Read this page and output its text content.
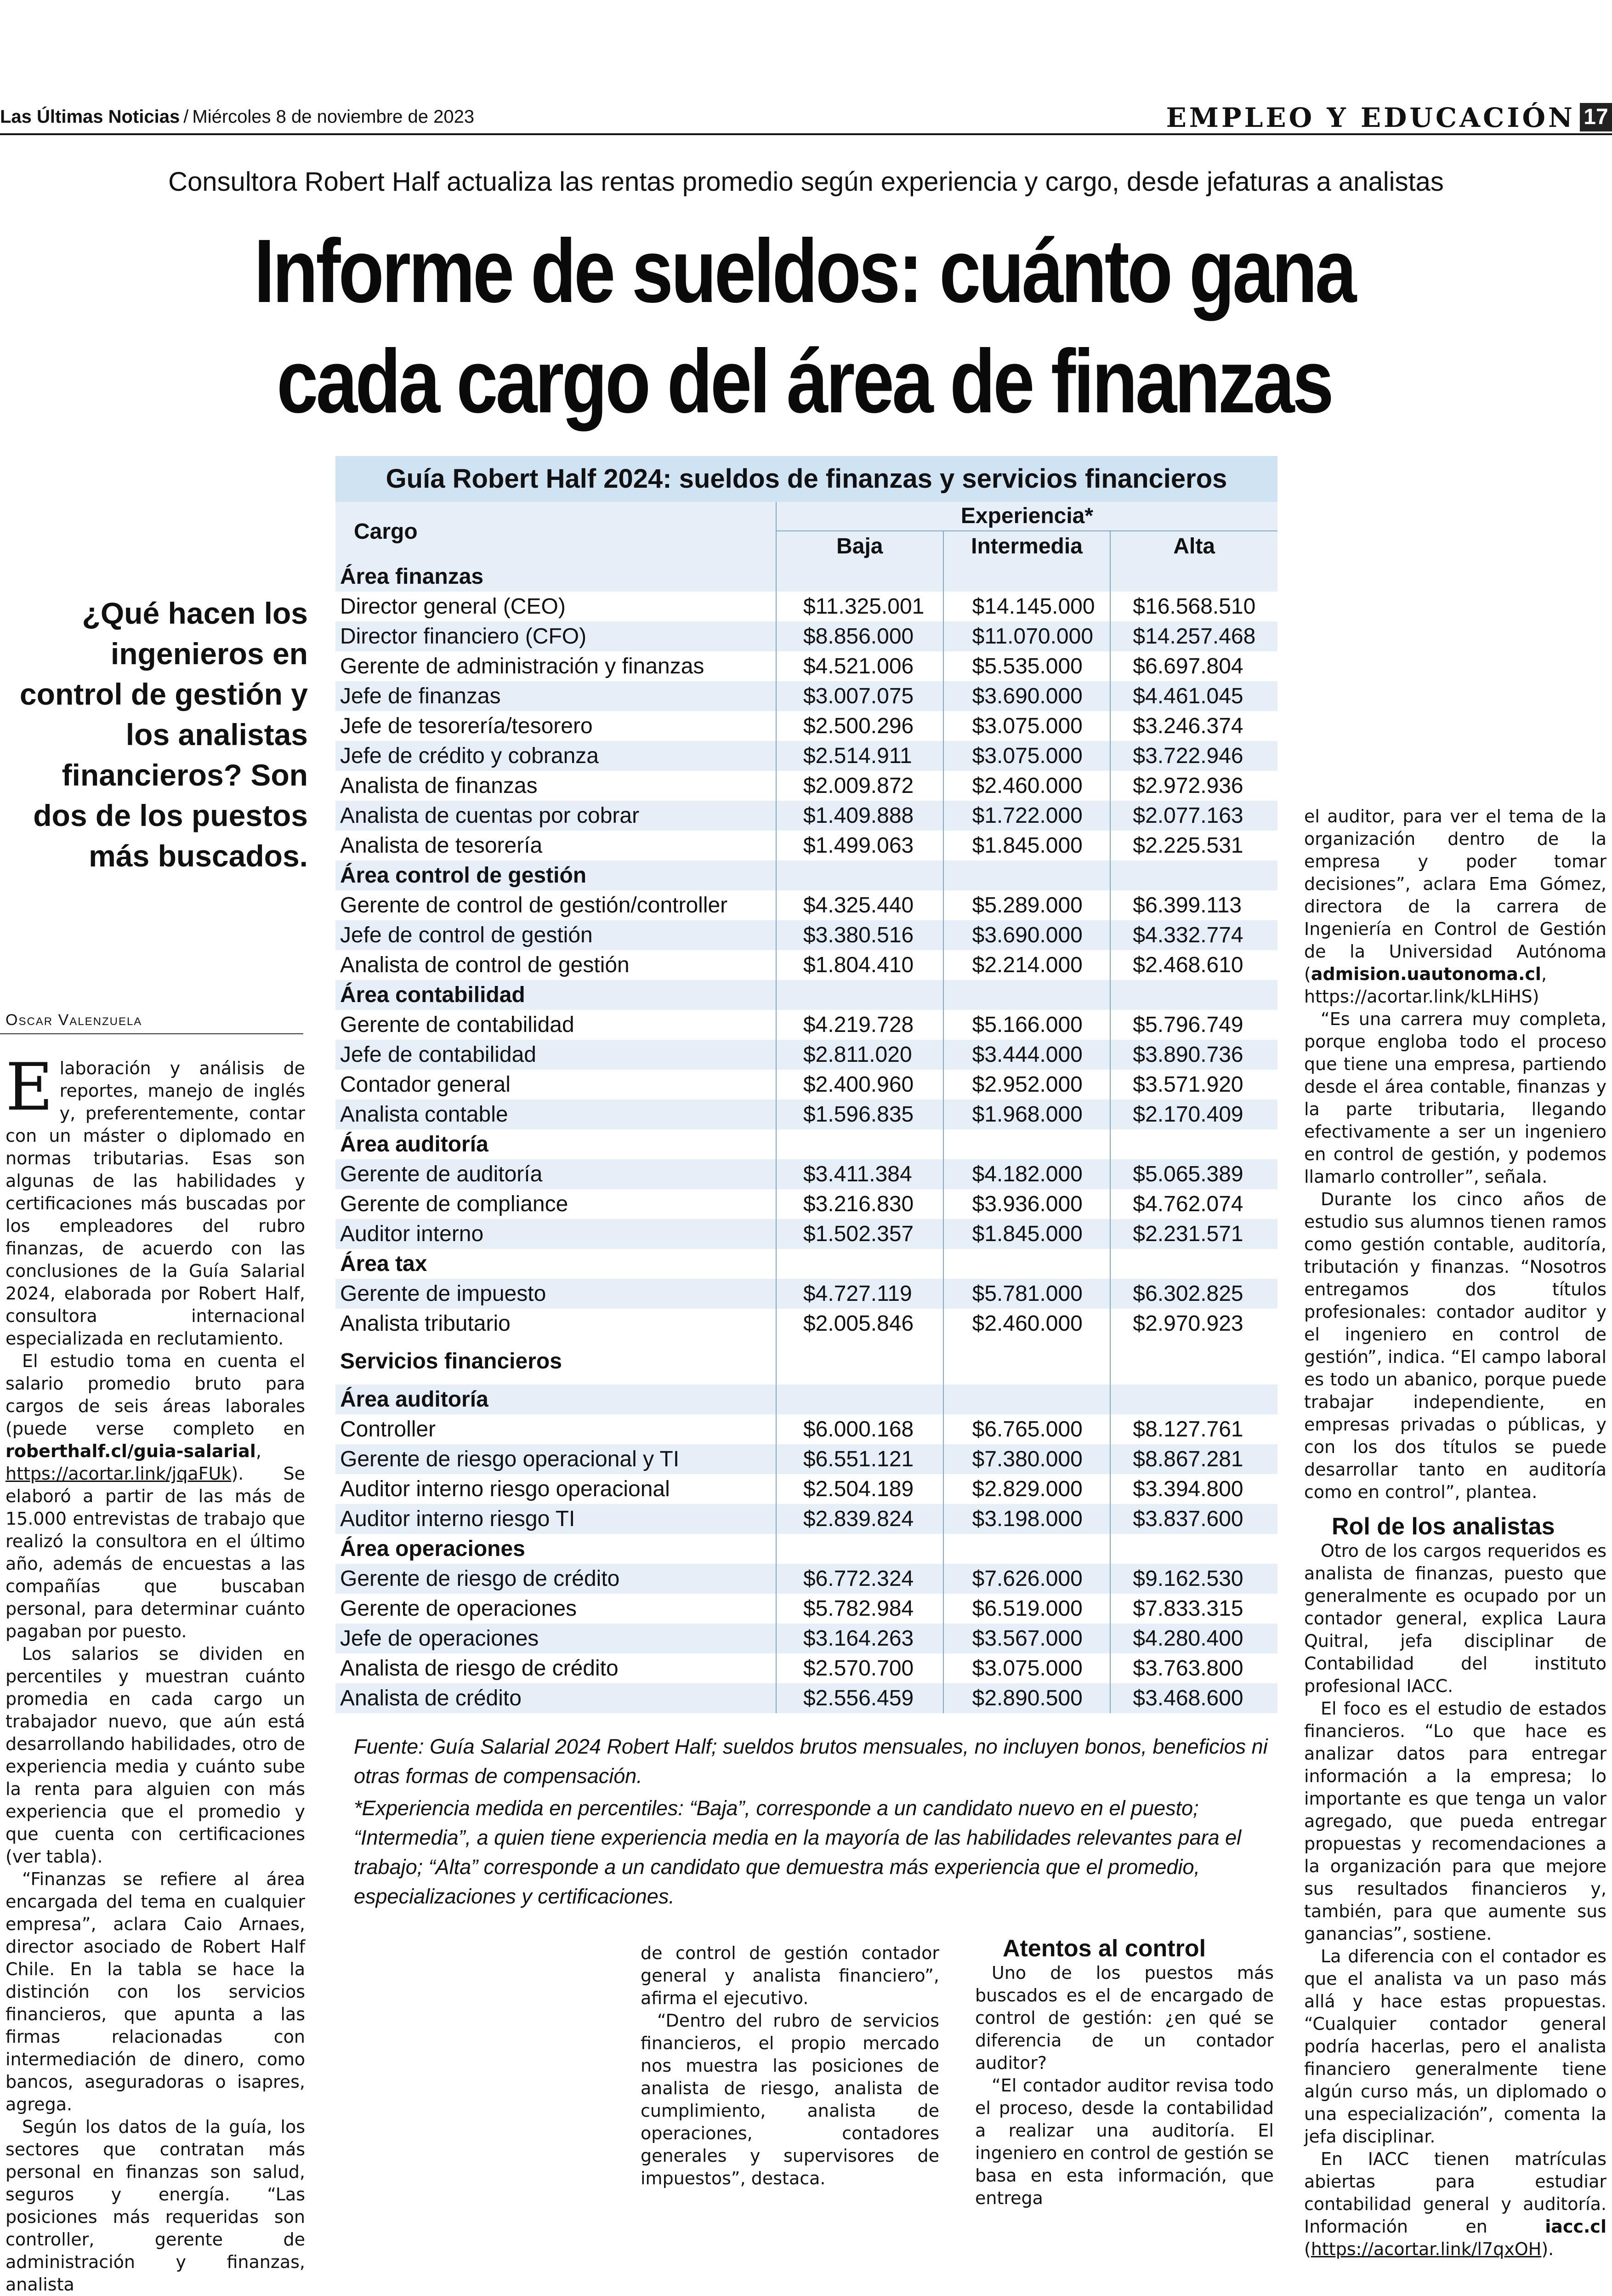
Las Últimas Noticias / Miércoles 8 de noviembre de 2023	EMPLEO Y EDUCACIÓN 17
Consultora Robert Half actualiza las rentas promedio según experiencia y cargo, desde jefaturas a analistas
Informe de sueldos: cuánto gana
cada cargo del área de finanzas
¿Qué hacen los ingenieros en control de gestión y los analistas financieros? Son dos de los puestos más buscados.
Oscar Valenzuela

Elaboración y análisis de reportes, manejo de inglés y, preferentemente, contar con un máster o diplomado en normas tributarias. Esas son algunas de las habilidades y certificaciones más buscadas por los empleadores del rubro finanzas, de acuerdo con las conclusiones de la Guía Salarial 2024, elaborada por Robert Half, consultora internacional especializada en reclutamiento.

El estudio toma en cuenta el salario promedio bruto para cargos de seis áreas laborales (puede verse completo en roberthalf.cl/guia-salarial, https://acortar.link/jqaFUk). Se elaboró a partir de las más de 15.000 entrevistas de trabajo que realizó la consultora en el último año, además de encuestas a las compañías que buscaban personal, para determinar cuánto pagaban por puesto.

Los salarios se dividen en percentiles y muestran cuánto promedia en cada cargo un trabajador nuevo, que aún está desarrollando habilidades, otro de experiencia media y cuánto sube la renta para alguien con más experiencia que el promedio y que cuenta con certificaciones (ver tabla).

“Finanzas se refiere al área encargada del tema en cualquier empresa”, aclara Caio Arnaes, director asociado de Robert Half Chile. En la tabla se hace la distinción con los servicios financieros, que apunta a las firmas relacionadas con intermediación de dinero, como bancos, aseguradoras o isapres, agrega.

Según los datos de la guía, los sectores que contratan más personal en finanzas son salud, seguros y energía. “Las posiciones más requeridas son controller, gerente de administración y finanzas, analista

Guía Robert Half 2024: sueldos de finanzas y servicios financieros
Cargo	Experiencia*		
	Baja	Intermedia	Alta
Área finanzas			
Director general (CEO)	$11.325.001	$14.145.000	$16.568.510
Director financiero (CFO)	$8.856.000	$11.070.000	$14.257.468
Gerente de administración y finanzas	$4.521.006	$5.535.000	$6.697.804
Jefe de finanzas	$3.007.075	$3.690.000	$4.461.045
Jefe de tesorería/tesorero	$2.500.296	$3.075.000	$3.246.374
Jefe de crédito y cobranza	$2.514.911	$3.075.000	$3.722.946
Analista de finanzas	$2.009.872	$2.460.000	$2.972.936
Analista de cuentas por cobrar	$1.409.888	$1.722.000	$2.077.163
Analista de tesorería	$1.499.063	$1.845.000	$2.225.531
Área control de gestión			
Gerente de control de gestión/controller	$4.325.440	$5.289.000	$6.399.113
Jefe de control de gestión	$3.380.516	$3.690.000	$4.332.774
Analista de control de gestión	$1.804.410	$2.214.000	$2.468.610
Área contabilidad			
Gerente de contabilidad	$4.219.728	$5.166.000	$5.796.749
Jefe de contabilidad	$2.811.020	$3.444.000	$3.890.736
Contador general	$2.400.960	$2.952.000	$3.571.920
Analista contable	$1.596.835	$1.968.000	$2.170.409
Área auditoría			
Gerente de auditoría	$3.411.384	$4.182.000	$5.065.389
Gerente de compliance	$3.216.830	$3.936.000	$4.762.074
Auditor interno	$1.502.357	$1.845.000	$2.231.571
Área tax			
Gerente de impuesto	$4.727.119	$5.781.000	$6.302.825
Analista tributario	$2.005.846	$2.460.000	$2.970.923
Servicios financieros			
Área auditoría			
Controller	$6.000.168	$6.765.000	$8.127.761
Gerente de riesgo operacional y TI	$6.551.121	$7.380.000	$8.867.281
Auditor interno riesgo operacional	$2.504.189	$2.829.000	$3.394.800
Auditor interno riesgo TI	$2.839.824	$3.198.000	$3.837.600
Área operaciones			
Gerente de riesgo de crédito	$6.772.324	$7.626.000	$9.162.530
Gerente de operaciones	$5.782.984	$6.519.000	$7.833.315
Jefe de operaciones	$3.164.263	$3.567.000	$4.280.400
Analista de riesgo de crédito	$2.570.700	$3.075.000	$3.763.800
Analista de crédito	$2.556.459	$2.890.500	$3.468.600

Fuente: Guía Salarial 2024 Robert Half; sueldos brutos mensuales, no incluyen bonos, beneficios ni otras formas de compensación.

*Experiencia medida en percentiles: “Baja”, corresponde a un candidato nuevo en el puesto; “Intermedia”, a quien tiene experiencia media en la mayoría de las habilidades relevantes para el trabajo; “Alta” corresponde a un candidato que demuestra más experiencia que el promedio, especializaciones y certificaciones.

de control de gestión contador general y analista financiero”, afirma el ejecutivo.

“Dentro del rubro de servicios financieros, el propio mercado nos muestra las posiciones de analista de riesgo, analista de cumplimiento, analista de operaciones, contadores generales y supervisores de impuestos”, destaca.

Atentos al control

Uno de los puestos más buscados es el de encargado de control de gestión: ¿en qué se diferencia de un contador auditor?

“El contador auditor revisa todo el proceso, desde la contabilidad a realizar una auditoría. El ingeniero en control de gestión se basa en esta información, que entrega

el auditor, para ver el tema de la organización dentro de la empresa y poder tomar decisiones”, aclara Ema Gómez, directora de la carrera de Ingeniería en Control de Gestión de la Universidad Autónoma (admision.uautonoma.cl, https://acortar.link/kLHiHS)

“Es una carrera muy completa, porque engloba todo el proceso que tiene una empresa, partiendo desde el área contable, finanzas y la parte tributaria, llegando efectivamente a ser un ingeniero en control de gestión, y podemos llamarlo controller”, señala.

Durante los cinco años de estudio sus alumnos tienen ramos como gestión contable, auditoría, tributación y finanzas. “Nosotros entregamos dos títulos profesionales: contador auditor y el ingeniero en control de gestión”, indica. “El campo laboral es todo un abanico, porque puede trabajar independiente, en empresas privadas o públicas, y con los dos títulos se puede desarrollar tanto en auditoría como en control”, plantea.

Rol de los analistas

Otro de los cargos requeridos es analista de finanzas, puesto que generalmente es ocupado por un contador general, explica Laura Quitral, jefa disciplinar de Contabilidad del instituto profesional IACC.

El foco es el estudio de estados financieros. “Lo que hace es analizar datos para entregar información a la empresa; lo importante es que tenga un valor agregado, que pueda entregar propuestas y recomendaciones a la organización para que mejore sus resultados financieros y, también, para que aumente sus ganancias”, sostiene.

La diferencia con el contador es que el analista va un paso más allá y hace estas propuestas. “Cualquier contador general podría hacerlas, pero el analista financiero generalmente tiene algún curso más, un diplomado o una especialización”, comenta la jefa disciplinar.

En IACC tienen matrículas abiertas para estudiar contabilidad general y auditoría. Información en iacc.cl (https://acortar.link/l7qxOH).
